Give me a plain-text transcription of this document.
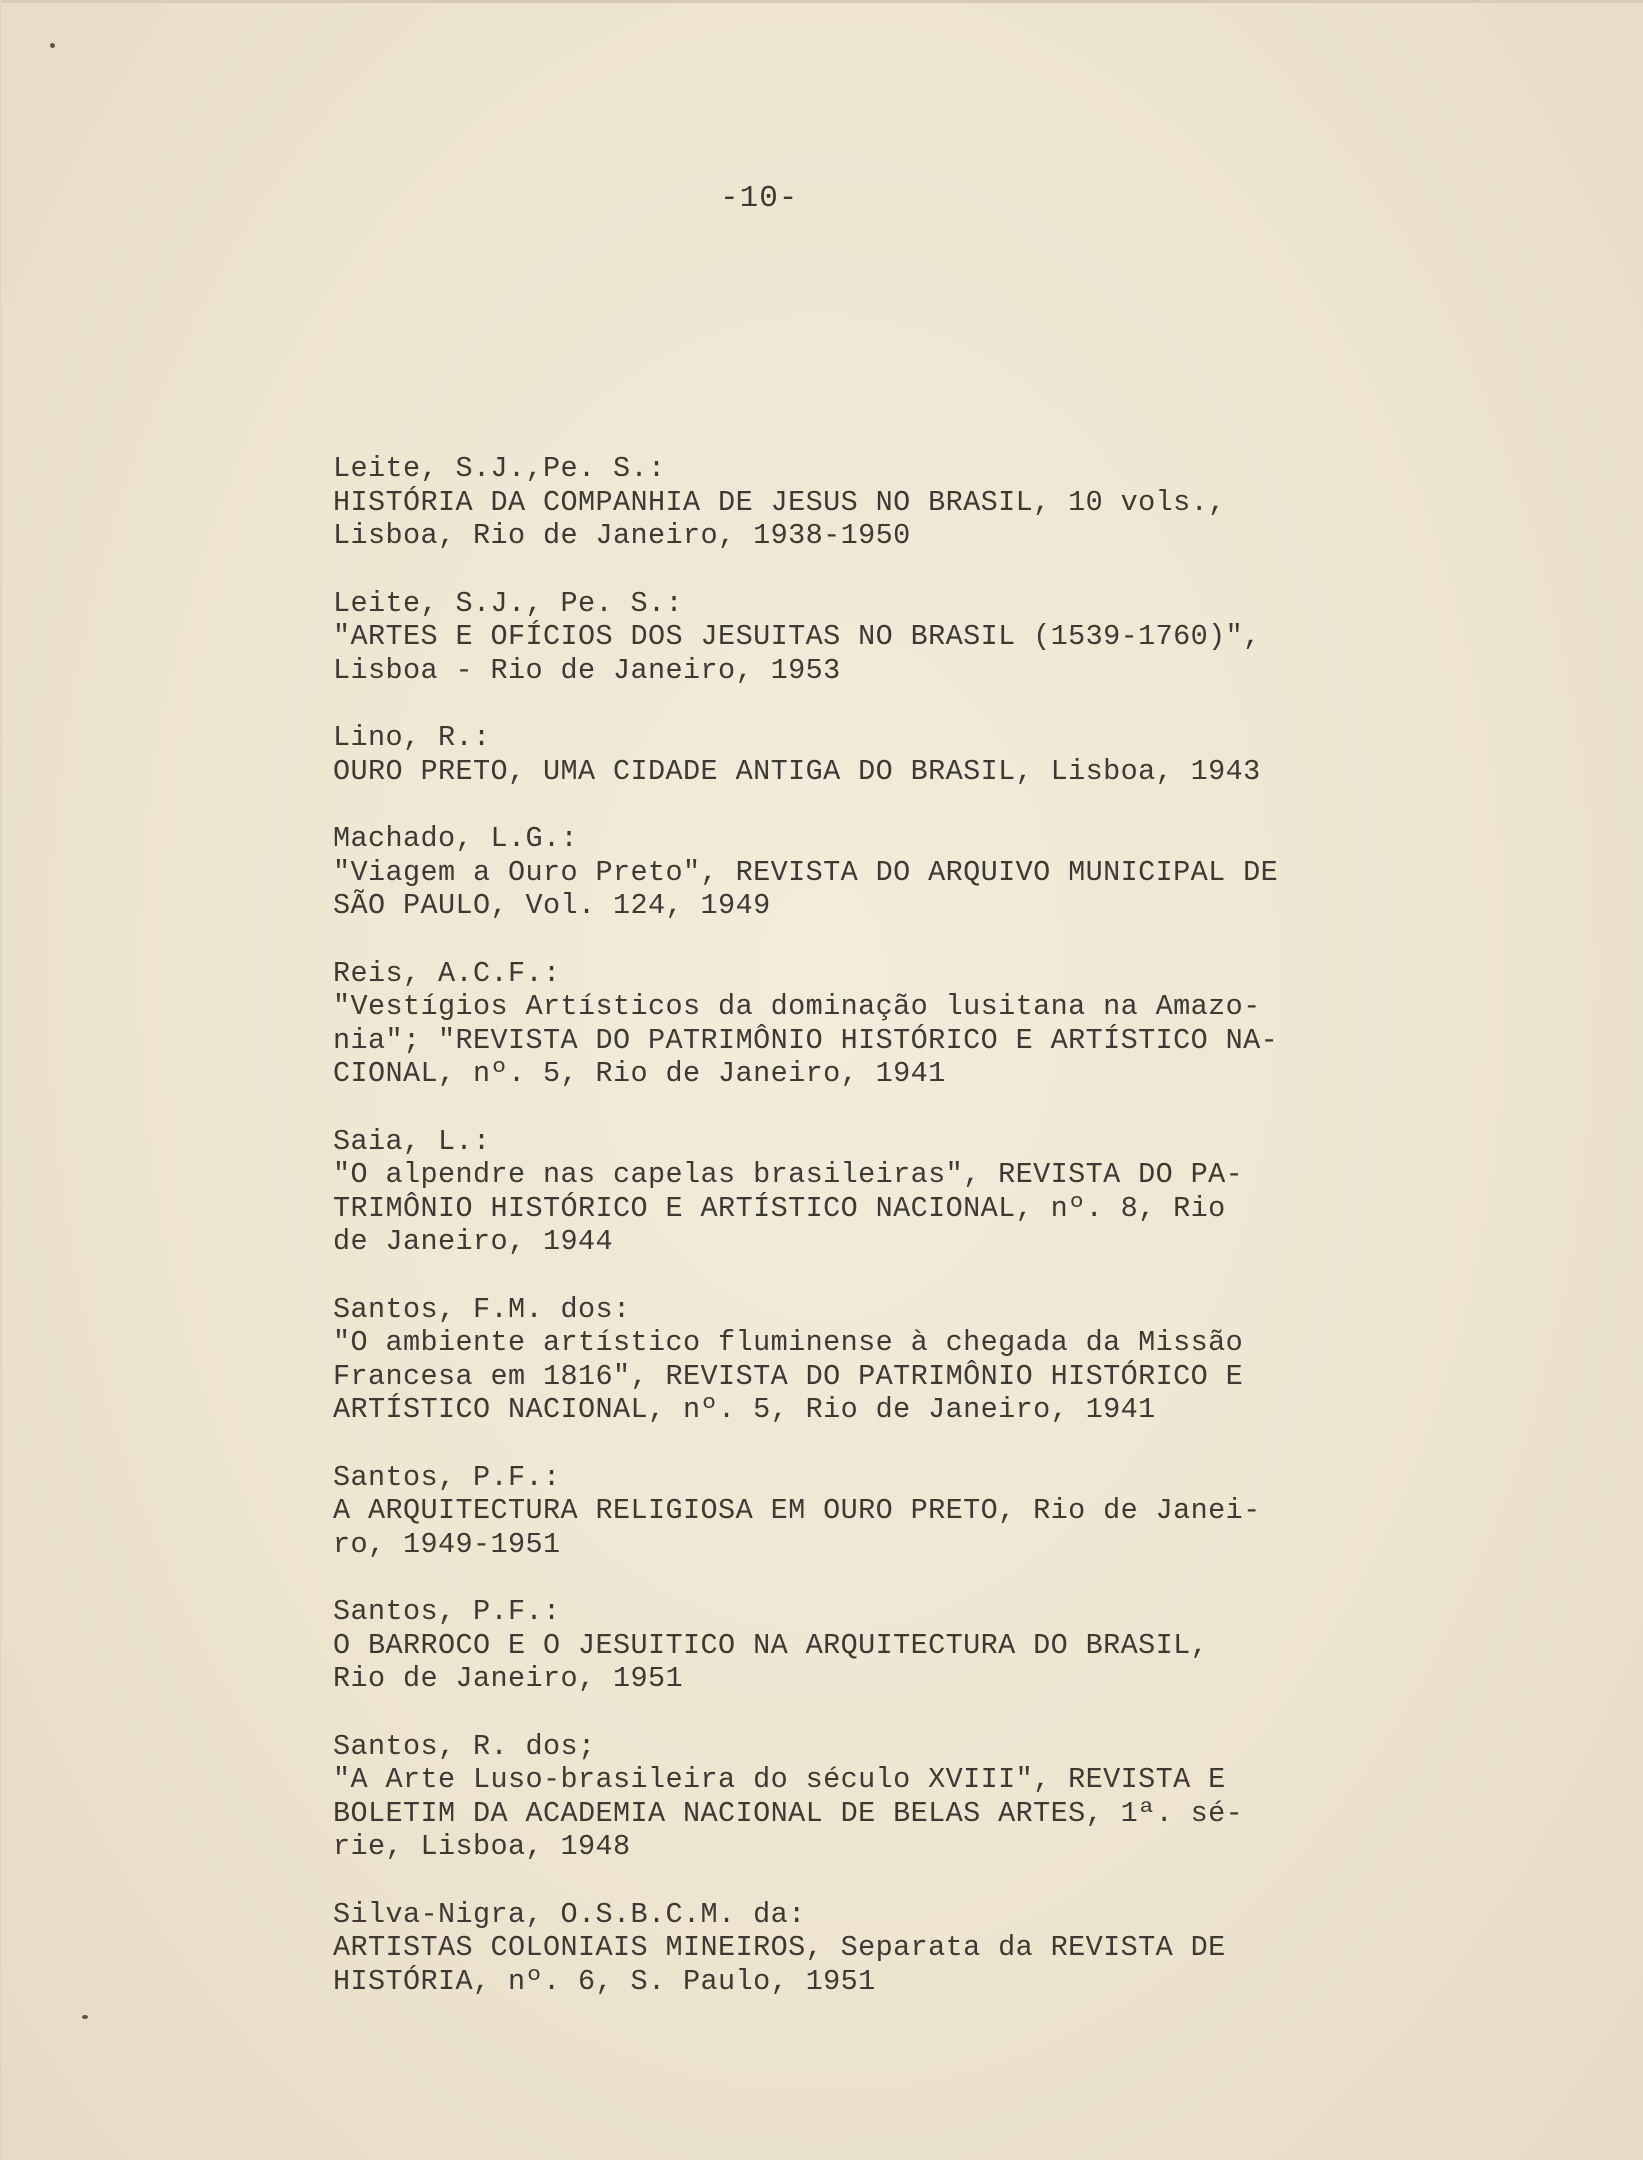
-10-
Leite, S.J.,Pe. S.:
HISTÓRIA DA COMPANHIA DE JESUS NO BRASIL, 10 vols.,
Lisboa, Rio de Janeiro, 1938-1950
Leite, S.J., Pe. S.:
"ARTES E OFÍCIOS DOS JESUITAS NO BRASIL (1539-1760)",
Lisboa - Rio de Janeiro, 1953
Lino, R.:
OURO PRETO, UMA CIDADE ANTIGA DO BRASIL, Lisboa, 1943
Machado, L.G.:
"Viagem a Ouro Preto", REVISTA DO ARQUIVO MUNICIPAL DE
SÃO PAULO, Vol. 124, 1949
Reis, A.C.F.:
"Vestígios Artísticos da dominação lusitana na Amazo-
nia"; "REVISTA DO PATRIMÔNIO HISTÓRICO E ARTÍSTICO NA-
CIONAL, nº. 5, Rio de Janeiro, 1941
Saia, L.:
"O alpendre nas capelas brasileiras", REVISTA DO PA-
TRIMÔNIO HISTÓRICO E ARTÍSTICO NACIONAL, nº. 8, Rio
de Janeiro, 1944
Santos, F.M. dos:
"O ambiente artístico fluminense à chegada da Missão
Francesa em 1816", REVISTA DO PATRIMÔNIO HISTÓRICO E
ARTÍSTICO NACIONAL, nº. 5, Rio de Janeiro, 1941
Santos, P.F.:
A ARQUITECTURA RELIGIOSA EM OURO PRETO, Rio de Janei-
ro, 1949-1951
Santos, P.F.:
O BARROCO E O JESUITICO NA ARQUITECTURA DO BRASIL,
Rio de Janeiro, 1951
Santos, R. dos;
"A Arte Luso-brasileira do século XVIII", REVISTA E
BOLETIM DA ACADEMIA NACIONAL DE BELAS ARTES, 1ª. sé-
rie, Lisboa, 1948
Silva-Nigra, O.S.B.C.M. da:
ARTISTAS COLONIAIS MINEIROS, Separata da REVISTA DE
HISTÓRIA, nº. 6, S. Paulo, 1951
